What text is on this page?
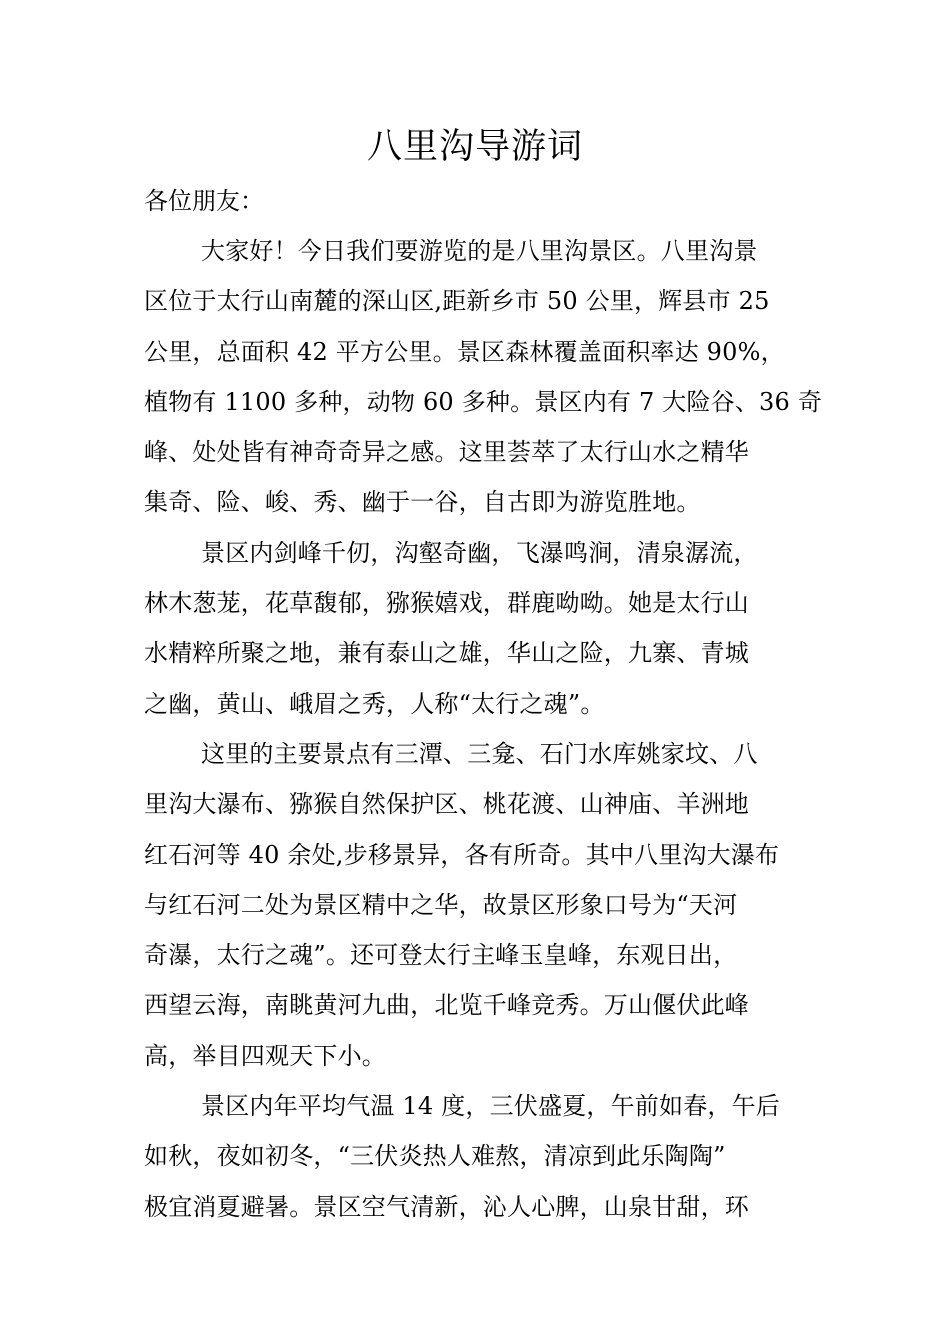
八里沟导游词

各位朋友：

大家好！今日我们要游览的是八里沟景区。八里沟景
区位于太行山南麓的深山区,距新乡市 50 公里，辉县市 25
公里，总面积 42 平方公里。景区森林覆盖面积率达 90%，
植物有 1100 多种，动物 60 多种。景区内有 7 大险谷、36 奇
峰、处处皆有神奇奇异之感。这里荟萃了太行山水之精华
集奇、险、峻、秀、幽于一谷，自古即为游览胜地。

景区内剑峰千仞，沟壑奇幽，飞瀑鸣涧，清泉潺流，
林木葱茏，花草馥郁，猕猴嬉戏，群鹿呦呦。她是太行山
水精粹所聚之地，兼有泰山之雄，华山之险，九寨、青城
之幽，黄山、峨眉之秀，人称“太行之魂”。

这里的主要景点有三潭、三龛、石门水库姚家坟、八
里沟大瀑布、猕猴自然保护区、桃花渡、山神庙、羊洲地
红石河等 40 余处,步移景异，各有所奇。其中八里沟大瀑布
与红石河二处为景区精中之华，故景区形象口号为“天河
奇瀑，太行之魂”。还可登太行主峰玉皇峰，东观日出，
西望云海，南眺黄河九曲，北览千峰竞秀。万山偃伏此峰
高，举目四观天下小。

景区内年平均气温 14 度，三伏盛夏，午前如春，午后
如秋，夜如初冬，“三伏炎热人难熬，清凉到此乐陶陶”
极宜消夏避暑。景区空气清新，沁人心脾，山泉甘甜，环
